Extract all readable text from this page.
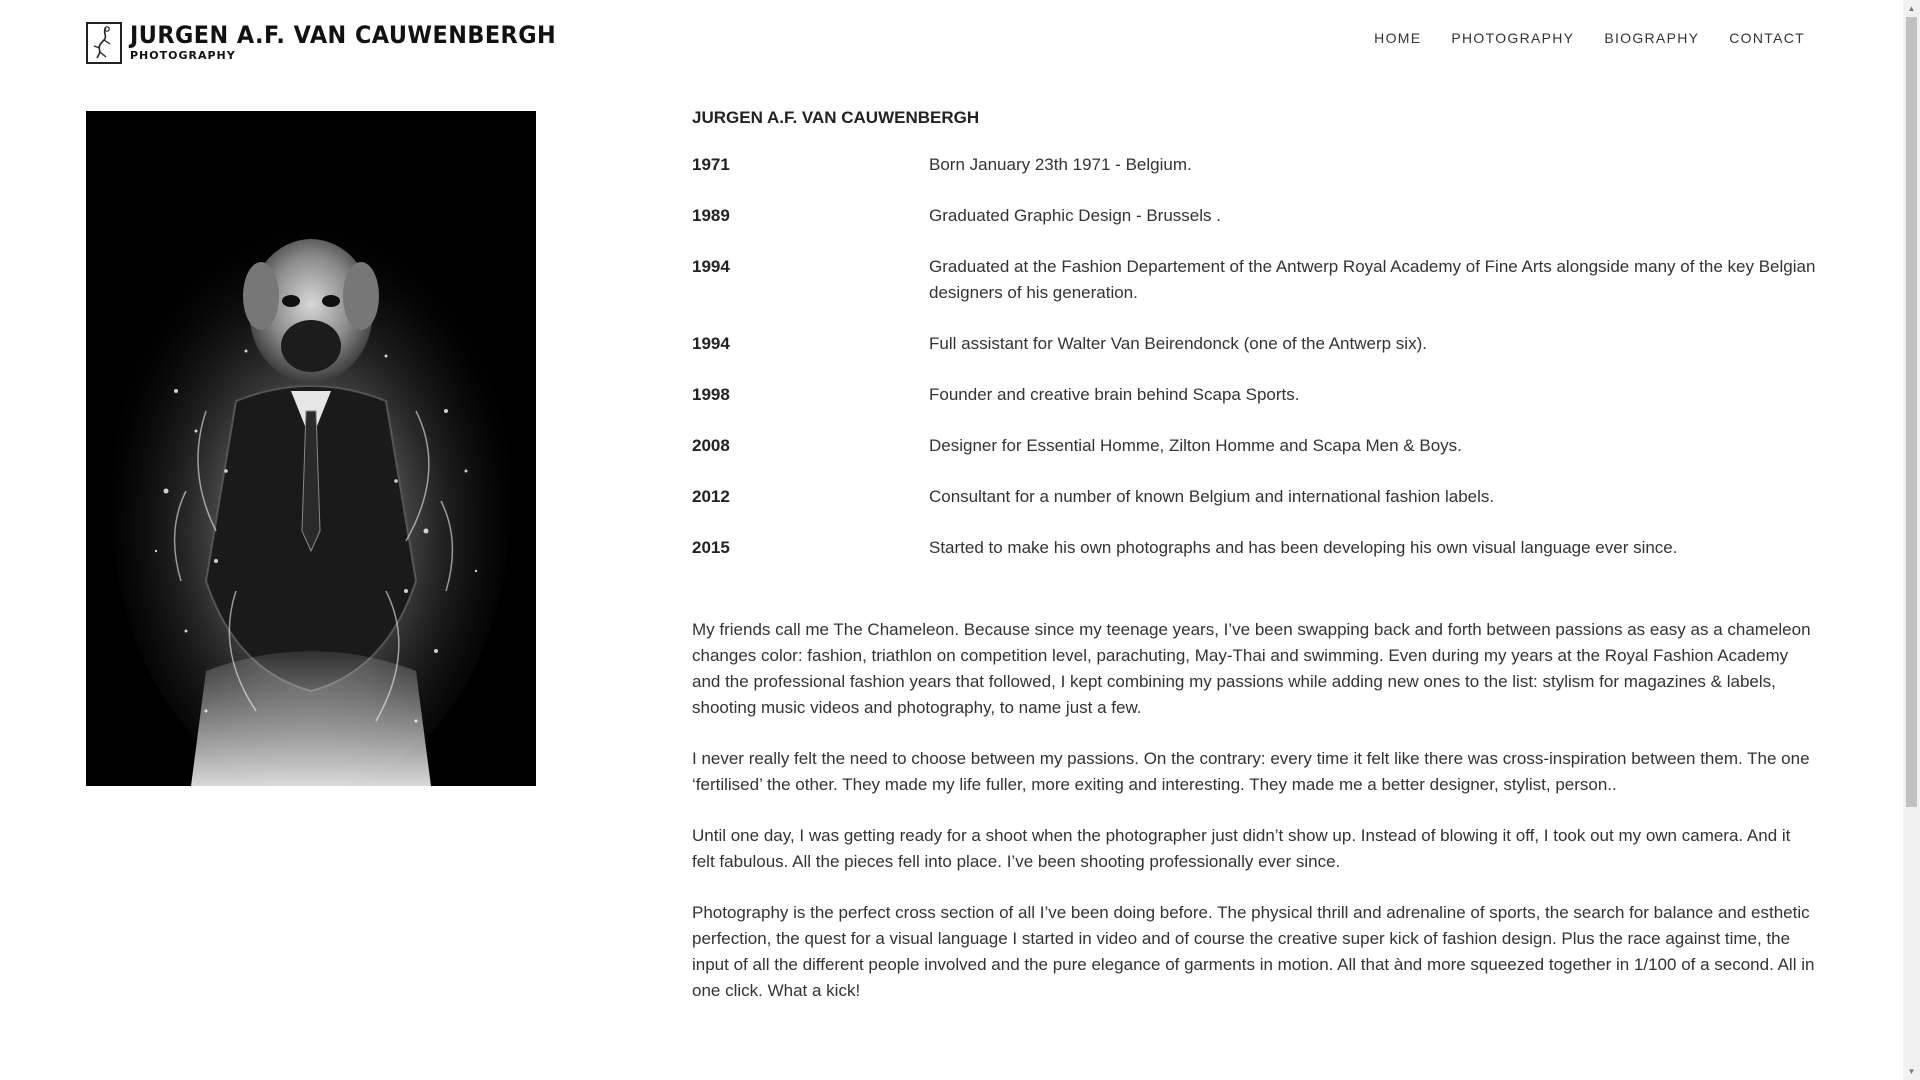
JURGEN A.F. VAN CAUWENBERGH
PHOTOGRAPHY
HOME PHOTOGRAPHY BIOGRAPHY CONTACT
JURGEN A.F. VAN CAUWENBERGH
1971	Born January 23th 1971 - Belgium.
1989	Graduated Graphic Design - Brussels .
1994	Graduated at the Fashion Departement of the Antwerp Royal Academy of Fine Arts alongside many of the key Belgian designers of his generation.
1994	Full assistant for Walter Van Beirendonck (one of the Antwerp six).
1998	Founder and creative brain behind Scapa Sports.
2008	Designer for Essential Homme, Zilton Homme and Scapa Men & Boys.
2012	Consultant for a number of known Belgium and international fashion labels.
2015	Started to make his own photographs and has been developing his own visual language ever since.

My friends call me The Chameleon. Because since my teenage years, I’ve been swapping back and forth between passions as easy as a chameleon changes color: fashion, triathlon on competition level, parachuting, May-Thai and swimming. Even during my years at the Royal Fashion Academy and the professional fashion years that followed, I kept combining my passions while adding new ones to the list: stylism for magazines & labels, shooting music videos and photography, to name just a few.

I never really felt the need to choose between my passions. On the contrary: every time it felt like there was cross-inspiration between them. The one ‘fertilised’ the other. They made my life fuller, more exiting and interesting. They made me a better designer, stylist, person..

Until one day, I was getting ready for a shoot when the photographer just didn’t show up. Instead of blowing it off, I took out my own camera. And it felt fabulous. All the pieces fell into place. I’ve been shooting professionally ever since.

Photography is the perfect cross section of all I’ve been doing before. The physical thrill and adrenaline of sports, the search for balance and esthetic perfection, the quest for a visual language I started in video and of course the creative super kick of fashion design. Plus the race against time, the input of all the different people involved and the pure elegance of garments in motion. All that ànd more squeezed together in 1/100 of a second. All in one click. What a kick!

▲
▼
